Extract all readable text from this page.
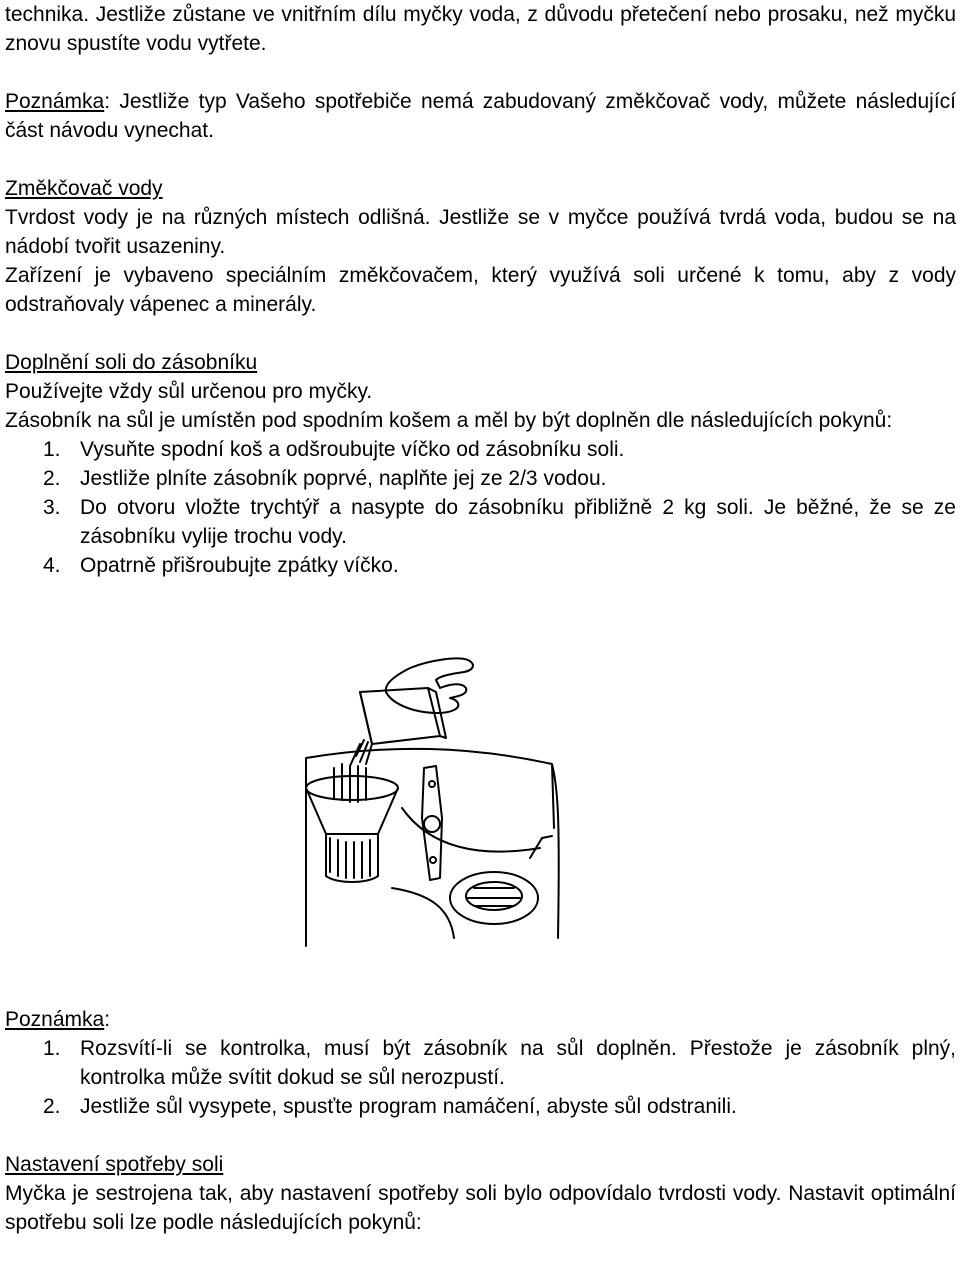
technika. Jestliže zůstane ve vnitřním dílu myčky voda, z důvodu přetečení nebo prosaku, než myčku znovu spustíte vodu vytřete.

Poznámka: Jestliže typ Vašeho spotřebiče nemá zabudovaný změkčovač vody, můžete následující část návodu vynechat.

Změkčovač vody

Tvrdost vody je na různých místech odlišná. Jestliže se v myčce používá tvrdá voda, budou se na nádobí tvořit usazeniny.

Zařízení je vybaveno speciálním změkčovačem, který využívá soli určené k tomu, aby z vody odstraňovaly vápenec a minerály.

Doplnění soli do zásobníku

Používejte vždy sůl určenou pro myčky.

Zásobník na sůl je umístěn pod spodním košem a měl by být doplněn dle následujících pokynů:

1. Vysuňte spodní koš a odšroubujte víčko od zásobníku soli.
2. Jestliže plníte zásobník poprvé, naplňte jej ze 2/3 vodou.
3. Do otvoru vložte trychtýř a nasypte do zásobníku přibližně 2 kg soli. Je běžné, že se ze zásobníku vylije trochu vody.
4. Opatrně přišroubujte zpátky víčko.

Poznámka:

1. Rozsvítí-li se kontrolka, musí být zásobník na sůl doplněn. Přestože je zásobník plný, kontrolka může svítit dokud se sůl nerozpustí.
2. Jestliže sůl vysypete, spusťte program namáčení, abyste sůl odstranili.

Nastavení spotřeby soli

Myčka je sestrojena tak, aby nastavení spotřeby soli bylo odpovídalo tvrdosti vody. Nastavit optimální spotřebu soli lze podle následujících pokynů:
